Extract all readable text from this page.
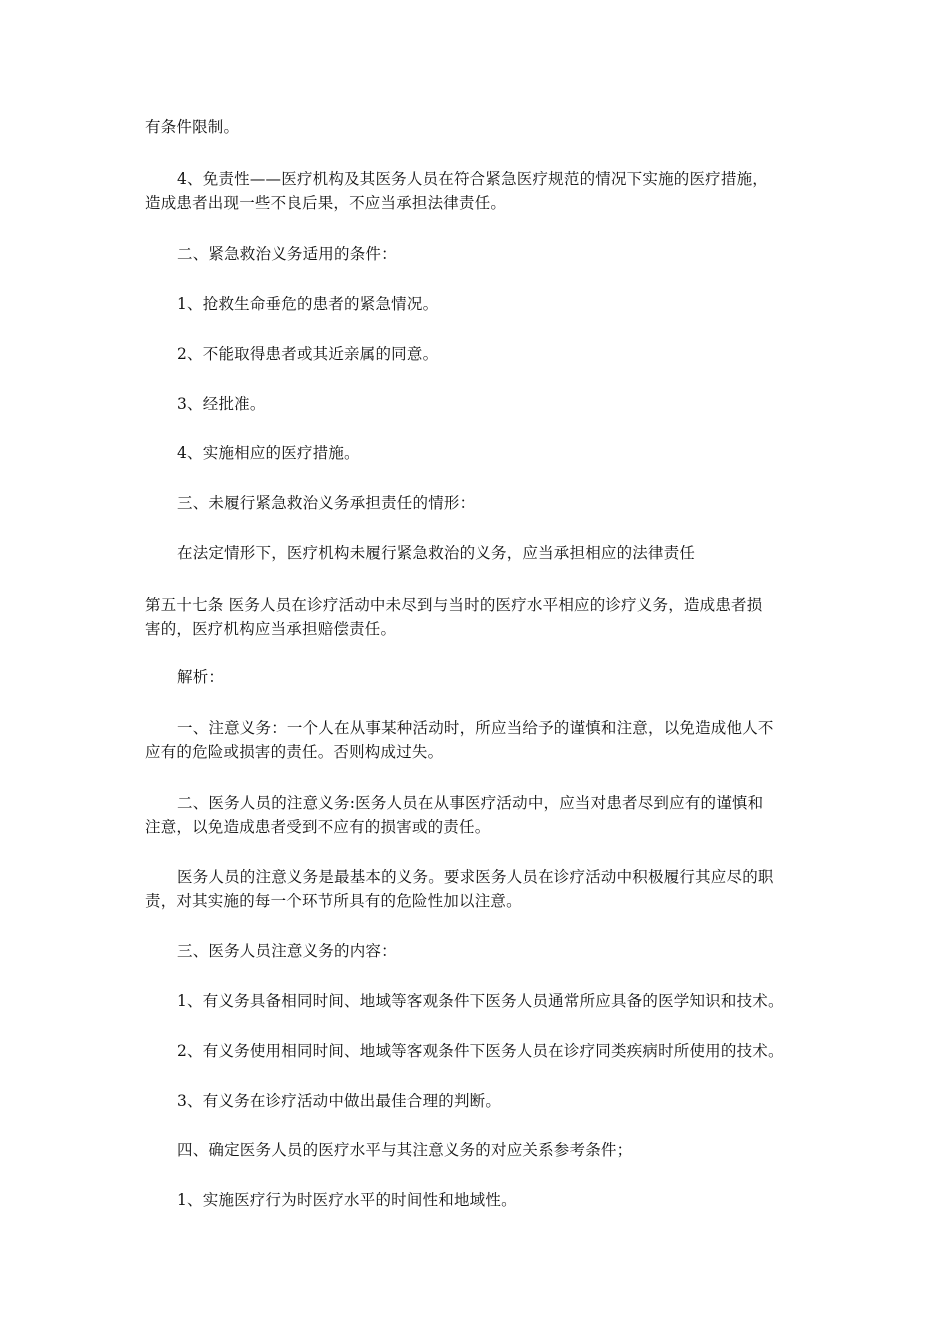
有条件限制。

4、免责性——医疗机构及其医务人员在符合紧急医疗规范的情况下实施的医疗措施，

造成患者出现一些不良后果，不应当承担法律责任。

二、紧急救治义务适用的条件：

1、抢救生命垂危的患者的紧急情况。

2、不能取得患者或其近亲属的同意。

3、经批准。

4、实施相应的医疗措施。

三、未履行紧急救治义务承担责任的情形：

在法定情形下，医疗机构未履行紧急救治的义务，应当承担相应的法律责任

第五十七条 医务人员在诊疗活动中未尽到与当时的医疗水平相应的诊疗义务，造成患者损

害的，医疗机构应当承担赔偿责任。

解析：

一、注意义务：一个人在从事某种活动时，所应当给予的谨慎和注意，以免造成他人不

应有的危险或损害的责任。否则构成过失。

二、医务人员的注意义务:医务人员在从事医疗活动中，应当对患者尽到应有的谨慎和

注意，以免造成患者受到不应有的损害或的责任。

医务人员的注意义务是最基本的义务。要求医务人员在诊疗活动中积极履行其应尽的职

责，对其实施的每一个环节所具有的危险性加以注意。

三、医务人员注意义务的内容：

1、有义务具备相同时间、地域等客观条件下医务人员通常所应具备的医学知识和技术。

2、有义务使用相同时间、地域等客观条件下医务人员在诊疗同类疾病时所使用的技术。

3、有义务在诊疗活动中做出最佳合理的判断。

四、确定医务人员的医疗水平与其注意义务的对应关系参考条件；

1、实施医疗行为时医疗水平的时间性和地域性。
